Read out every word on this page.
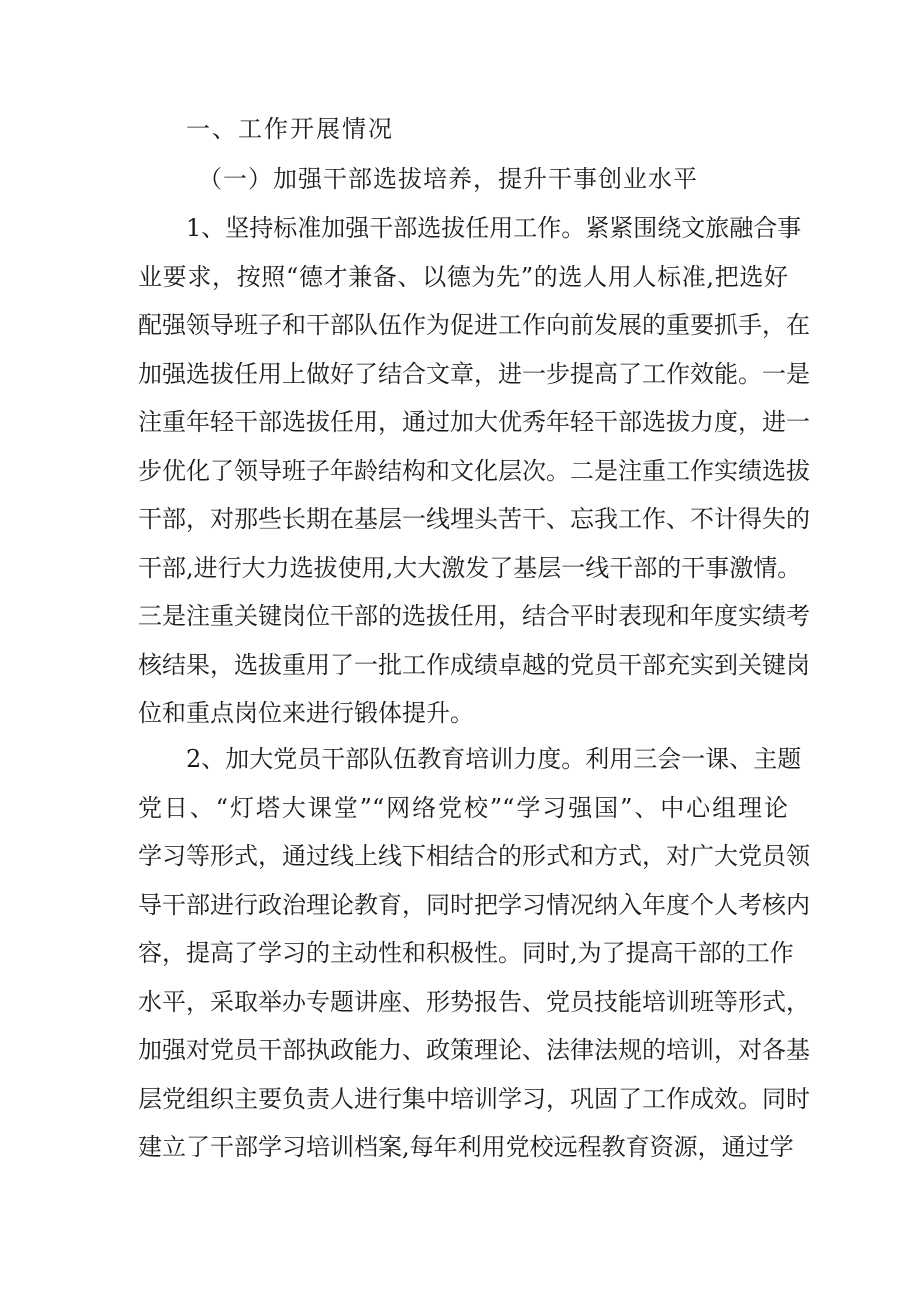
一、工作开展情况
（一）加强干部选拔培养，提升干事创业水平
1、坚持标准加强干部选拔任用工作。紧紧围绕文旅融合事
业要求，按照“德才兼备、以德为先”的选人用人标准,把选好
配强领导班子和干部队伍作为促进工作向前发展的重要抓手，在
加强选拔任用上做好了结合文章，进一步提高了工作效能。一是
注重年轻干部选拔任用，通过加大优秀年轻干部选拔力度，进一
步优化了领导班子年龄结构和文化层次。二是注重工作实绩选拔
干部，对那些长期在基层一线埋头苦干、忘我工作、不计得失的
干部,进行大力选拔使用,大大激发了基层一线干部的干事激情。
三是注重关键岗位干部的选拔任用，结合平时表现和年度实绩考
核结果，选拔重用了一批工作成绩卓越的党员干部充实到关键岗
位和重点岗位来进行锻体提升。
2、加大党员干部队伍教育培训力度。利用三会一课、主题
党日、“灯塔大课堂”“网络党校”“学习强国”、中心组理论
学习等形式，通过线上线下相结合的形式和方式，对广大党员领
导干部进行政治理论教育，同时把学习情况纳入年度个人考核内
容，提高了学习的主动性和积极性。同时,为了提高干部的工作
水平，采取举办专题讲座、形势报告、党员技能培训班等形式，
加强对党员干部执政能力、政策理论、法律法规的培训，对各基
层党组织主要负责人进行集中培训学习，巩固了工作成效。同时
建立了干部学习培训档案,每年利用党校远程教育资源，通过学
